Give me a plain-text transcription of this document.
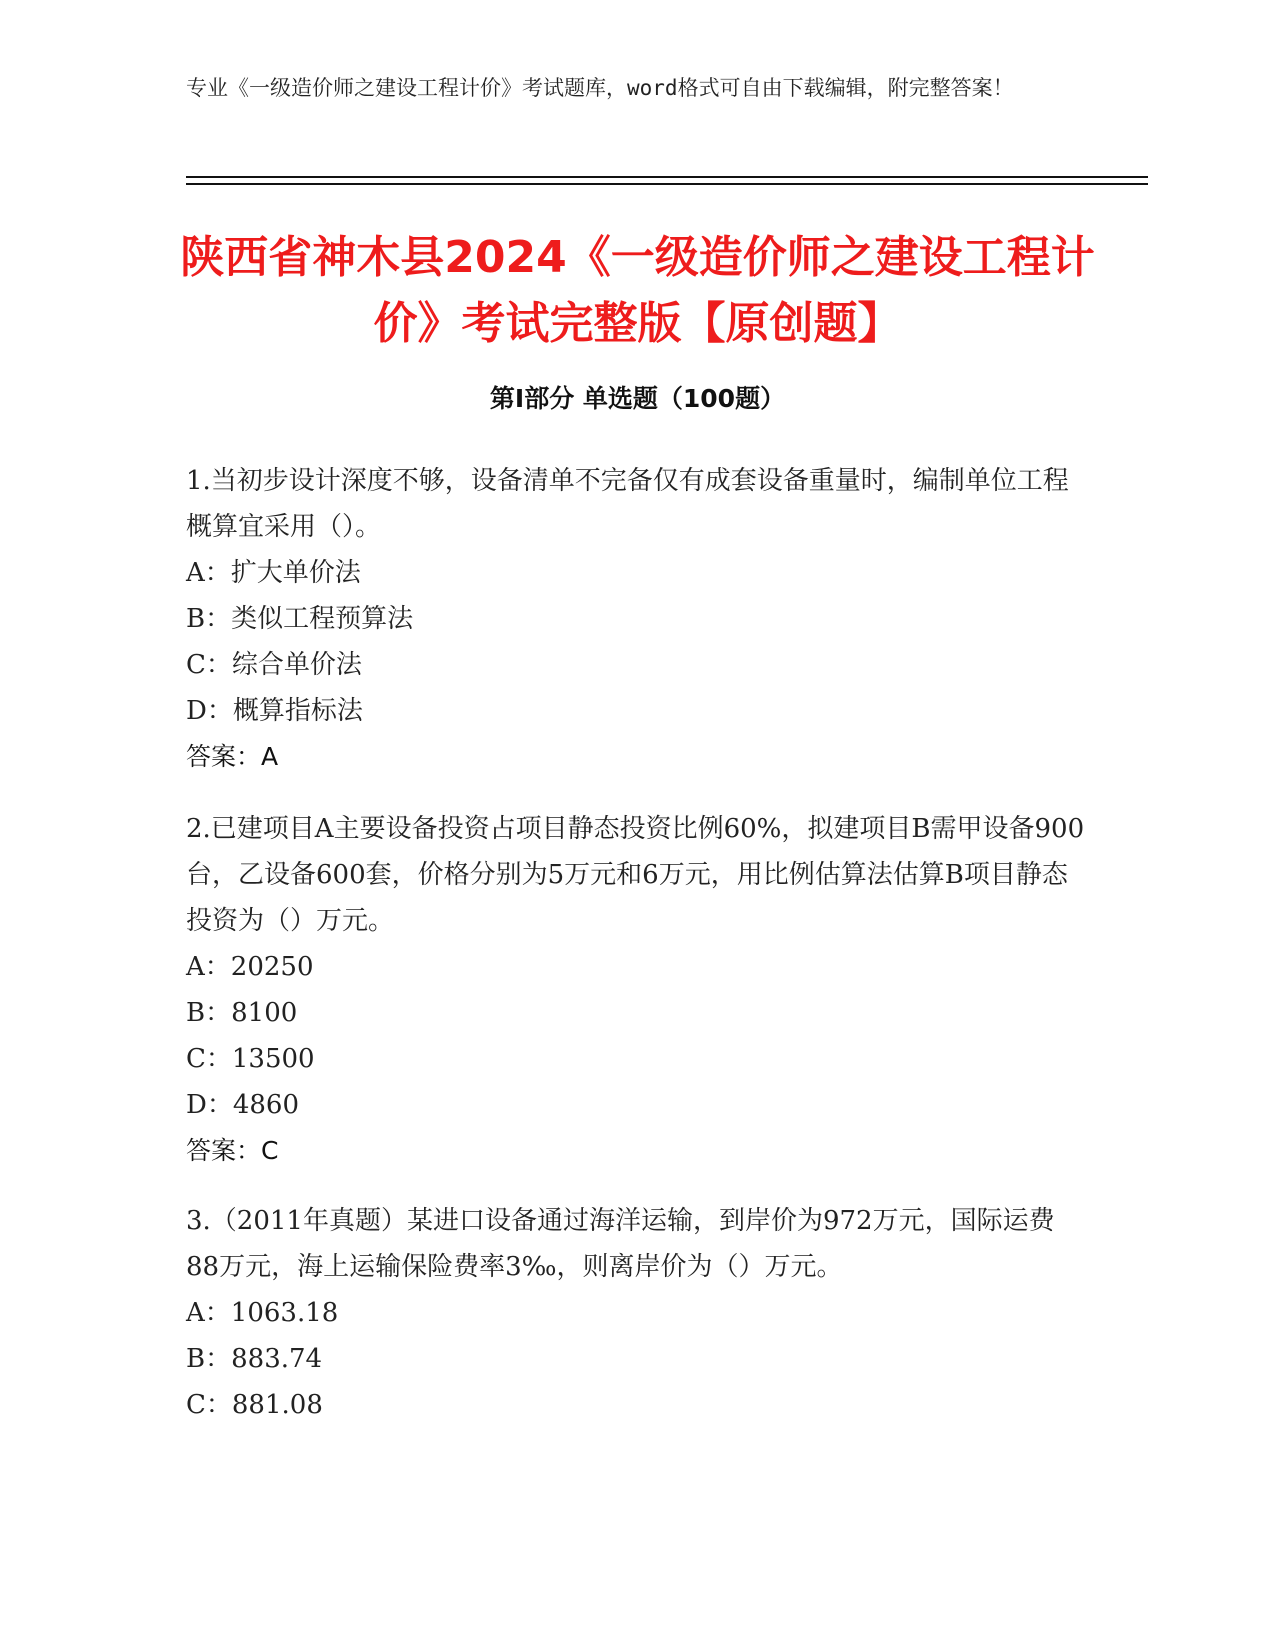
专业《一级造价师之建设工程计价》考试题库，word格式可自由下载编辑，附完整答案！
陕西省神木县2024《一级造价师之建设工程计价》考试完整版【原创题】
第I部分 单选题（100题）

1.当初步设计深度不够，设备清单不完备仅有成套设备重量时，编制单位工程概算宜采用（）。

A：扩大单价法

B：类似工程预算法

C：综合单价法

D：概算指标法

答案：A

2.已建项目A主要设备投资占项目静态投资比例60%，拟建项目B需甲设备900台，乙设备600套，价格分别为5万元和6万元，用比例估算法估算B项目静态投资为（）万元。

A：20250

B：8100

C：13500

D：4860

答案：C

3.（2011年真题）某进口设备通过海洋运输，到岸价为972万元，国际运费88万元，海上运输保险费率3‰，则离岸价为（）万元。

A：1063.18

B：883.74

C：881.08
